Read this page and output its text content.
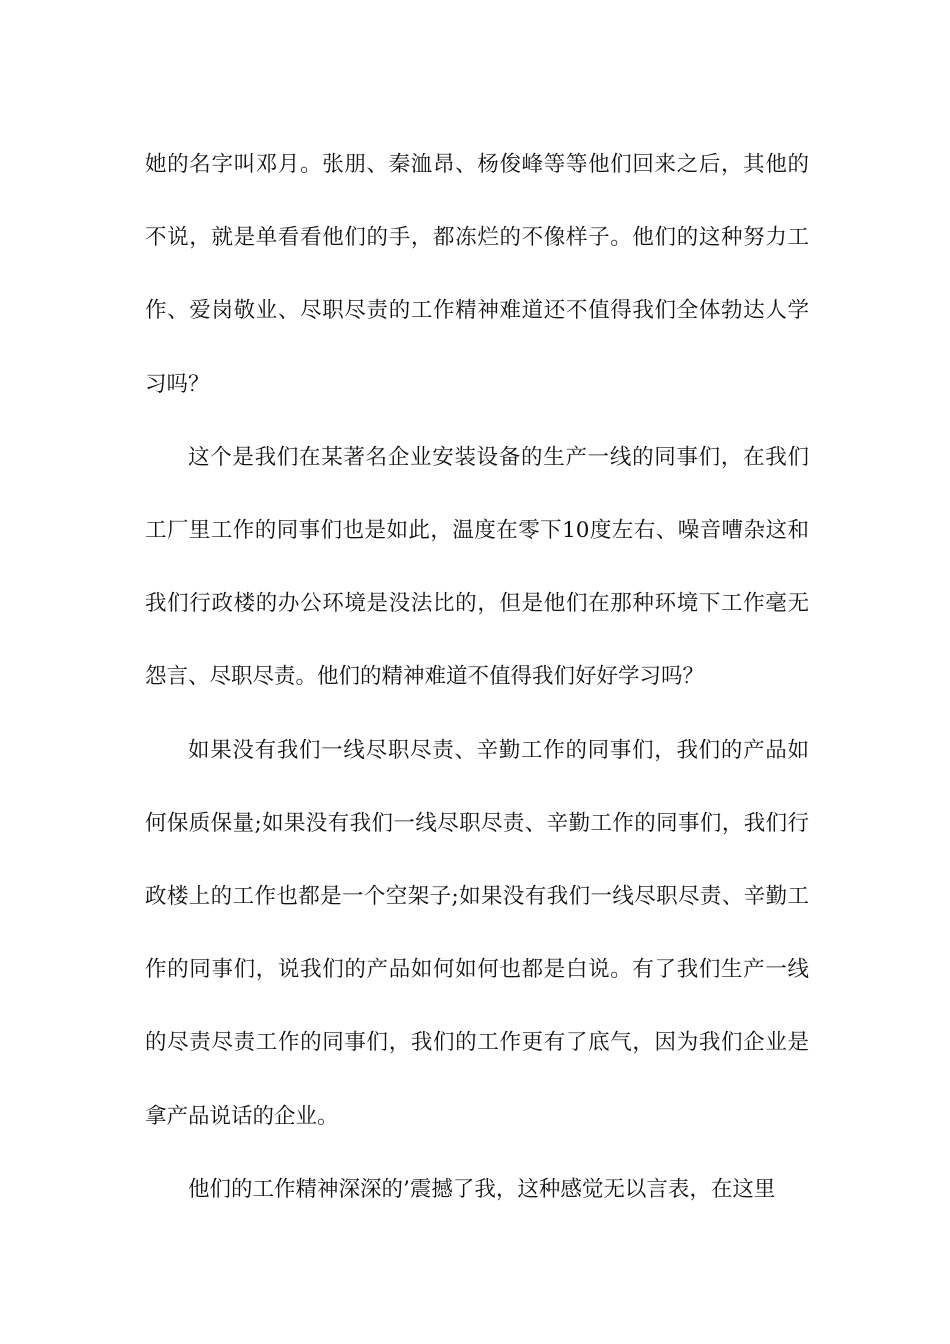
她的名字叫邓月。张朋、秦洫昂、杨俊峰等等他们回来之后，其他的不说，就是单看看他们的手，都冻烂的不像样子。他们的这种努力工作、爱岗敬业、尽职尽责的工作精神难道还不值得我们全体勃达人学习吗？

这个是我们在某著名企业安装设备的生产一线的同事们，在我们工厂里工作的同事们也是如此，温度在零下10度左右、噪音嘈杂这和我们行政楼的办公环境是没法比的，但是他们在那种环境下工作毫无怨言、尽职尽责。他们的精神难道不值得我们好好学习吗？

如果没有我们一线尽职尽责、辛勤工作的同事们，我们的产品如何保质保量;如果没有我们一线尽职尽责、辛勤工作的同事们，我们行政楼上的工作也都是一个空架子;如果没有我们一线尽职尽责、辛勤工作的同事们，说我们的产品如何如何也都是白说。有了我们生产一线的尽责尽责工作的同事们，我们的工作更有了底气，因为我们企业是拿产品说话的企业。

他们的工作精神深深的’震撼了我，这种感觉无以言表，在这里
